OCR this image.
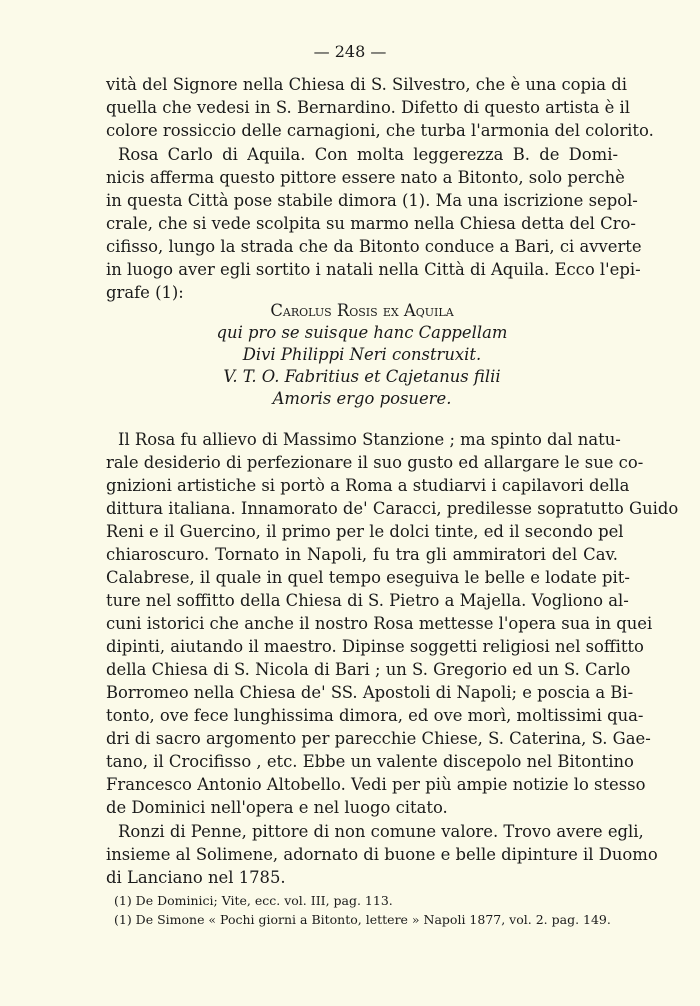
— 248 —
vità del Signore nella Chiesa di S. Silvestro, che è una copia di
quella che vedesi in S. Bernardino. Difetto di questo artista è il
colore rossiccio delle carnagioni, che turba l'armonia del colorito.
Rosa Carlo di Aquila. Con molta leggerezza B. de Domi-
nicis afferma questo pittore essere nato a Bitonto, solo perchè
in questa Città pose stabile dimora (1). Ma una iscrizione sepol-
crale, che si vede scolpita su marmo nella Chiesa detta del Cro-
cifisso, lungo la strada che da Bitonto conduce a Bari, ci avverte
in luogo aver egli sortito i natali nella Città di Aquila. Ecco l'epi-
grafe (1):
Carolus Rosis ex Aquila
qui pro se suisque hanc Cappellam
Divi Philippi Neri construxit.
V. T. O. Fabritius et Cajetanus filii
Amoris ergo posuere.
Il Rosa fu allievo di Massimo Stanzione ; ma spinto dal natu-
rale desiderio di perfezionare il suo gusto ed allargare le sue co-
gnizioni artistiche si portò a Roma a studiarvi i capilavori della
dittura italiana. Innamorato de' Caracci, predilesse sopratutto Guido
Reni e il Guercino, il primo per le dolci tinte, ed il secondo pel
chiaroscuro. Tornato in Napoli, fu tra gli ammiratori del Cav.
Calabrese, il quale in quel tempo eseguiva le belle e lodate pit-
ture nel soffitto della Chiesa di S. Pietro a Majella. Vogliono al-
cuni istorici che anche il nostro Rosa mettesse l'opera sua in quei
dipinti, aiutando il maestro. Dipinse soggetti religiosi nel soffitto
della Chiesa di S. Nicola di Bari ; un S. Gregorio ed un S. Carlo
Borromeo nella Chiesa de' SS. Apostoli di Napoli; e poscia a Bi-
tonto, ove fece lunghissima dimora, ed ove morì, moltissimi qua-
dri di sacro argomento per parecchie Chiese, S. Caterina, S. Gae-
tano, il Crocifisso , etc. Ebbe un valente discepolo nel Bitontino
Francesco Antonio Altobello. Vedi per più ampie notizie lo stesso
de Dominici nell'opera e nel luogo citato.
Ronzi di Penne, pittore di non comune valore. Trovo avere egli,
insieme al Solimene, adornato di buone e belle dipinture il Duomo
di Lanciano nel 1785.
(1) De Dominici; Vite, ecc. vol. III, pag. 113.
(1) De Simone « Pochi giorni a Bitonto, lettere » Napoli 1877, vol. 2. pag. 149.
